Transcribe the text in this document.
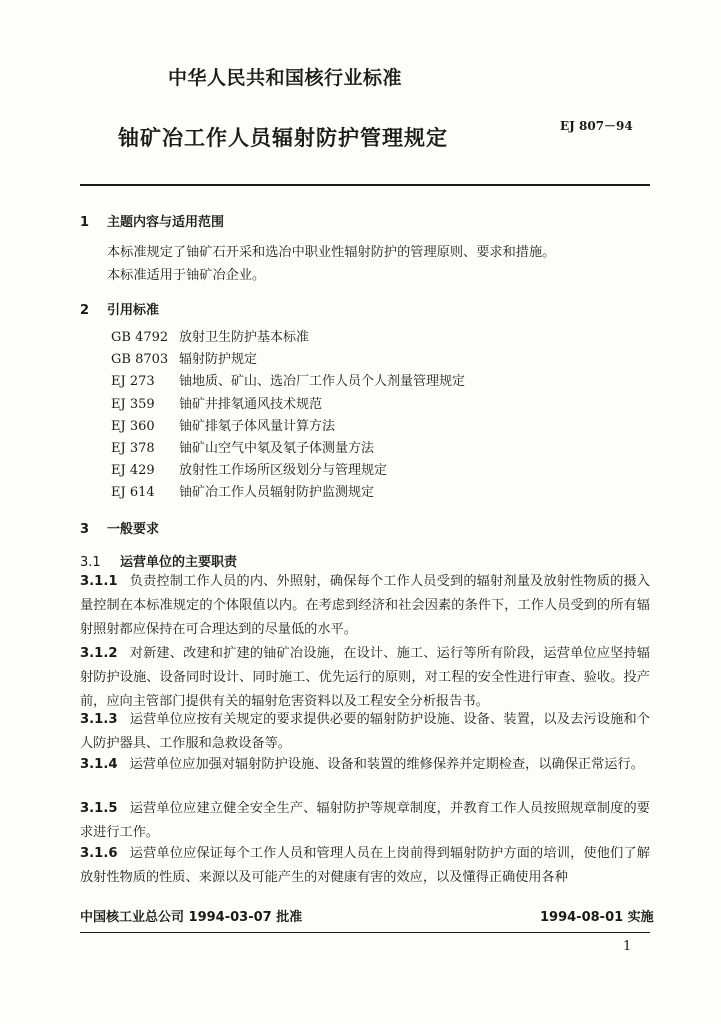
中华人民共和国核行业标准
铀矿冶工作人员辐射防护管理规定	EJ 807－94
1 主题内容与适用范围
本标准规定了铀矿石开采和选冶中职业性辐射防护的管理原则、要求和措施。
本标准适用于铀矿冶企业。
2 引用标准
GB 4792 放射卫生防护基本标准
GB 8703 辐射防护规定
EJ 273 铀地质、矿山、选冶厂工作人员个人剂量管理规定
EJ 359 铀矿井排氡通风技术规范
EJ 360 铀矿排氡子体风量计算方法
EJ 378 铀矿山空气中氡及氡子体测量方法
EJ 429 放射性工作场所区级划分与管理规定
EJ 614 铀矿冶工作人员辐射防护监测规定
3 一般要求
3.1 运营单位的主要职责
3.1.1 负责控制工作人员的内、外照射，确保每个工作人员受到的辐射剂量及放射性物质的摄入量控制在本标准规定的个体限值以内。在考虑到经济和社会因素的条件下，工作人员受到的所有辐射照射都应保持在可合理达到的尽量低的水平。
3.1.2 对新建、改建和扩建的铀矿冶设施，在设计、施工、运行等所有阶段，运营单位应坚持辐射防护设施、设备同时设计、同时施工、优先运行的原则，对工程的安全性进行审查、验收。投产前，应向主管部门提供有关的辐射危害资料以及工程安全分析报告书。
3.1.3 运营单位应按有关规定的要求提供必要的辐射防护设施、设备、装置，以及去污设施和个人防护器具、工作服和急救设备等。
3.1.4 运营单位应加强对辐射防护设施、设备和装置的维修保养并定期检查，以确保正常运行。
3.1.5 运营单位应建立健全安全生产、辐射防护等规章制度，并教育工作人员按照规章制度的要求进行工作。
3.1.6 运营单位应保证每个工作人员和管理人员在上岗前得到辐射防护方面的培训，使他们了解放射性物质的性质、来源以及可能产生的对健康有害的效应，以及懂得正确使用各种
中国核工业总公司 1994-03-07 批准	1994-08-01 实施
1
